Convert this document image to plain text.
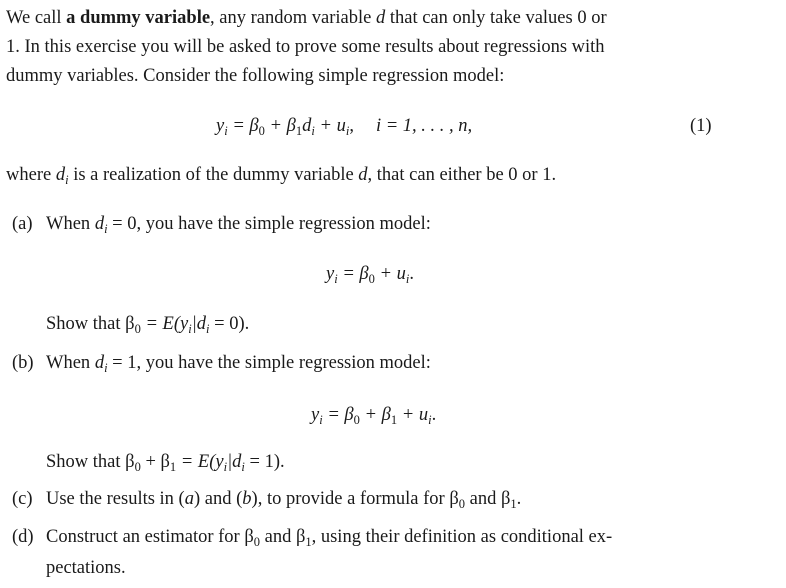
We call a dummy variable, any random variable d that can only take values 0 or
1. In this exercise you will be asked to prove some results about regressions with
dummy variables. Consider the following simple regression model:
$y_i = \beta_0 + \beta_1d_i + u_i$, i = 1, . . . , n,	(1)
where $d_i$ is a realization of the dummy variable d, that can either be 0 or 1.
(a) When $d_i = 0$, you have the simple regression model:
$y_i = \beta_0 + u_i$.
Show that $\beta_0 = E(y_i|d_i = 0)$.
(b) When $d_i = 1$, you have the simple regression model:
$y_i = \beta_0 + \beta_1 + u_i$.
Show that $\beta_0 + \beta_1 = E(y_i|d_i = 1)$.
(c) Use the results in (a) and (b), to provide a formula for $\beta_0$ and $\beta_1$.
(d) Construct an estimator for $\beta_0$ and $\beta_1$, using their definition as conditional ex-
pectations.
